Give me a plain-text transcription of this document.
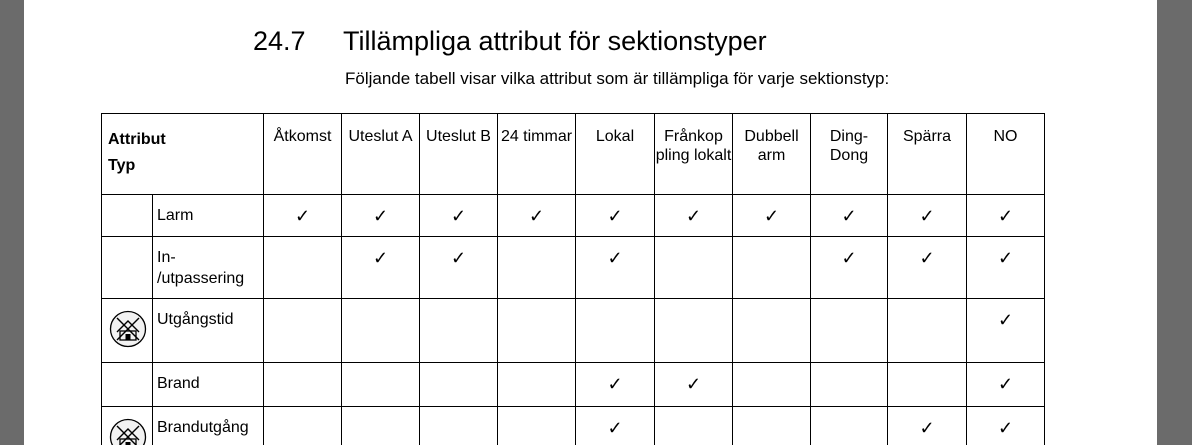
24.7 Tillämpliga attribut för sektionstyper
Följande tabell visar vilka attribut som är tillämpliga för varje sektionstyp:
Attribut
Typ		Åtkomst	Uteslut A	Uteslut B	24 timmar	Lokal	Frånkop pling lokalt	Dubbell arm	Ding- Dong	Spärra	NO
	Larm	✓	✓	✓	✓	✓	✓	✓	✓	✓	✓
	In- /utpassering		✓	✓		✓			✓	✓	✓

	Utgångstid										✓
	Brand					✓	✓				✓

	Brandutgång					✓				✓	✓
